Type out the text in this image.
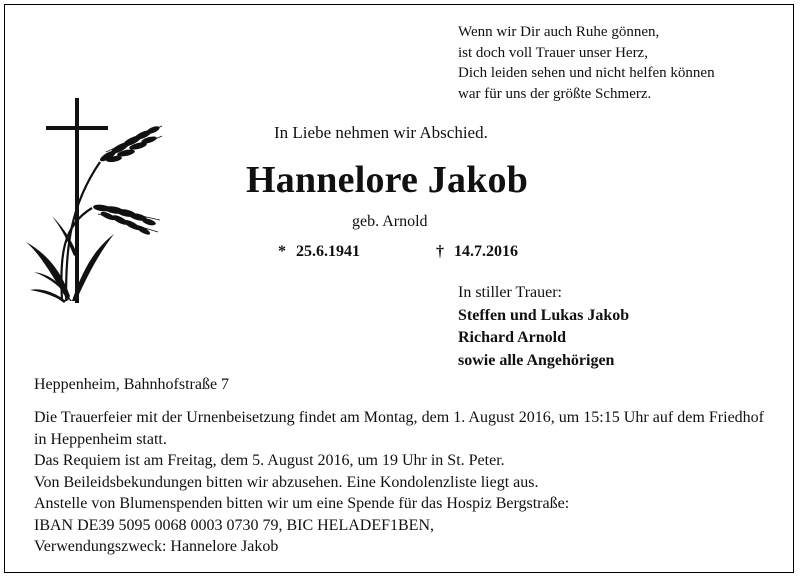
Wenn wir Dir auch Ruhe gönnen,
ist doch voll Trauer unser Herz,
Dich leiden sehen und nicht helfen können
war für uns der größte Schmerz.
In Liebe nehmen wir Abschied.
Hannelore Jakob
geb. Arnold
* 25.6.1941	† 14.7.2016
In stiller Trauer:
Steffen und Lukas Jakob
Richard Arnold
sowie alle Angehörigen
Heppenheim, Bahnhofstraße 7

Die Trauerfeier mit der Urnenbeisetzung findet am Montag, dem 1. August 2016, um 15:15 Uhr auf dem Friedhof in Heppenheim statt.

Das Requiem ist am Freitag, dem 5. August 2016, um 19 Uhr in St. Peter.

Von Beileidsbekundungen bitten wir abzusehen. Eine Kondolenzliste liegt aus.

Anstelle von Blumenspenden bitten wir um eine Spende für das Hospiz Bergstraße:

IBAN DE39 5095 0068 0003 0730 79, BIC HELADEF1BEN,

Verwendungszweck: Hannelore Jakob
